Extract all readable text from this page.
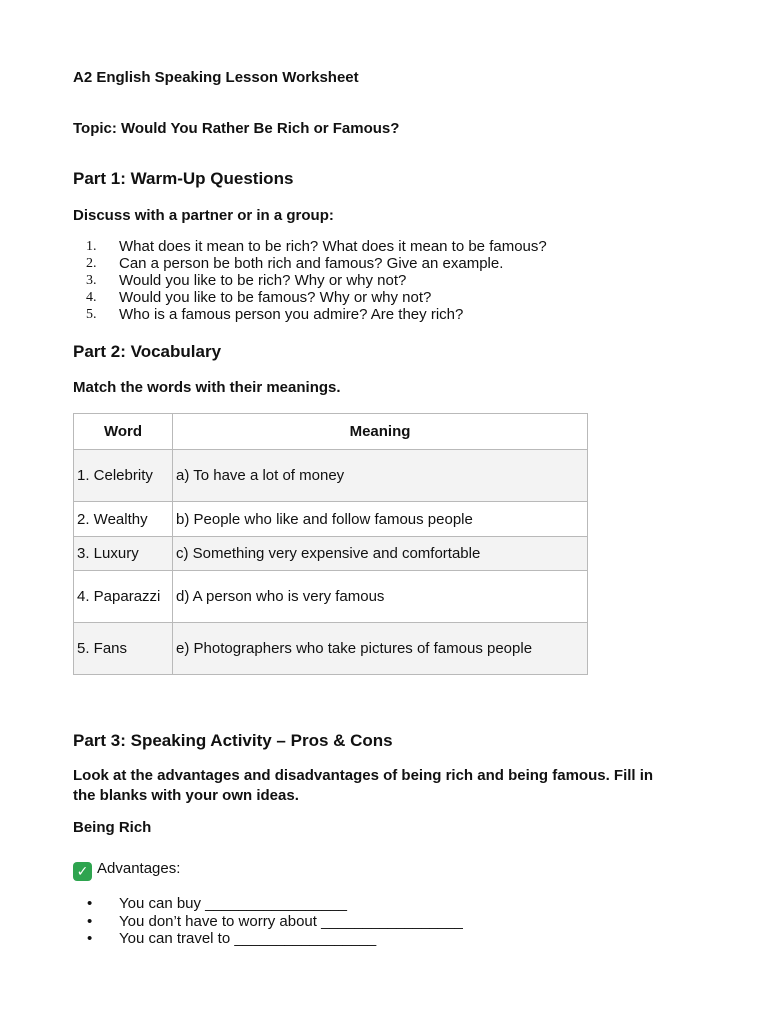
A2 English Speaking Lesson Worksheet
Topic: Would You Rather Be Rich or Famous?
Part 1: Warm-Up Questions
Discuss with a partner or in a group:
1. What does it mean to be rich? What does it mean to be famous?
2. Can a person be both rich and famous? Give an example.
3. Would you like to be rich? Why or why not?
4. Would you like to be famous? Why or why not?
5. Who is a famous person you admire? Are they rich?
Part 2: Vocabulary
Match the words with their meanings.
Word	Meaning
1. Celebrity	a) To have a lot of money
2. Wealthy	b) People who like and follow famous people
3. Luxury	c) Something very expensive and comfortable
4. Paparazzi	d) A person who is very famous
5. Fans	e) Photographers who take pictures of famous people
Part 3: Speaking Activity – Pros & Cons
Look at the advantages and disadvantages of being rich and being famous. Fill in
the blanks with your own ideas.
Being Rich
✓ Advantages:
• You can buy _________________
• You don’t have to worry about _________________
• You can travel to _________________
